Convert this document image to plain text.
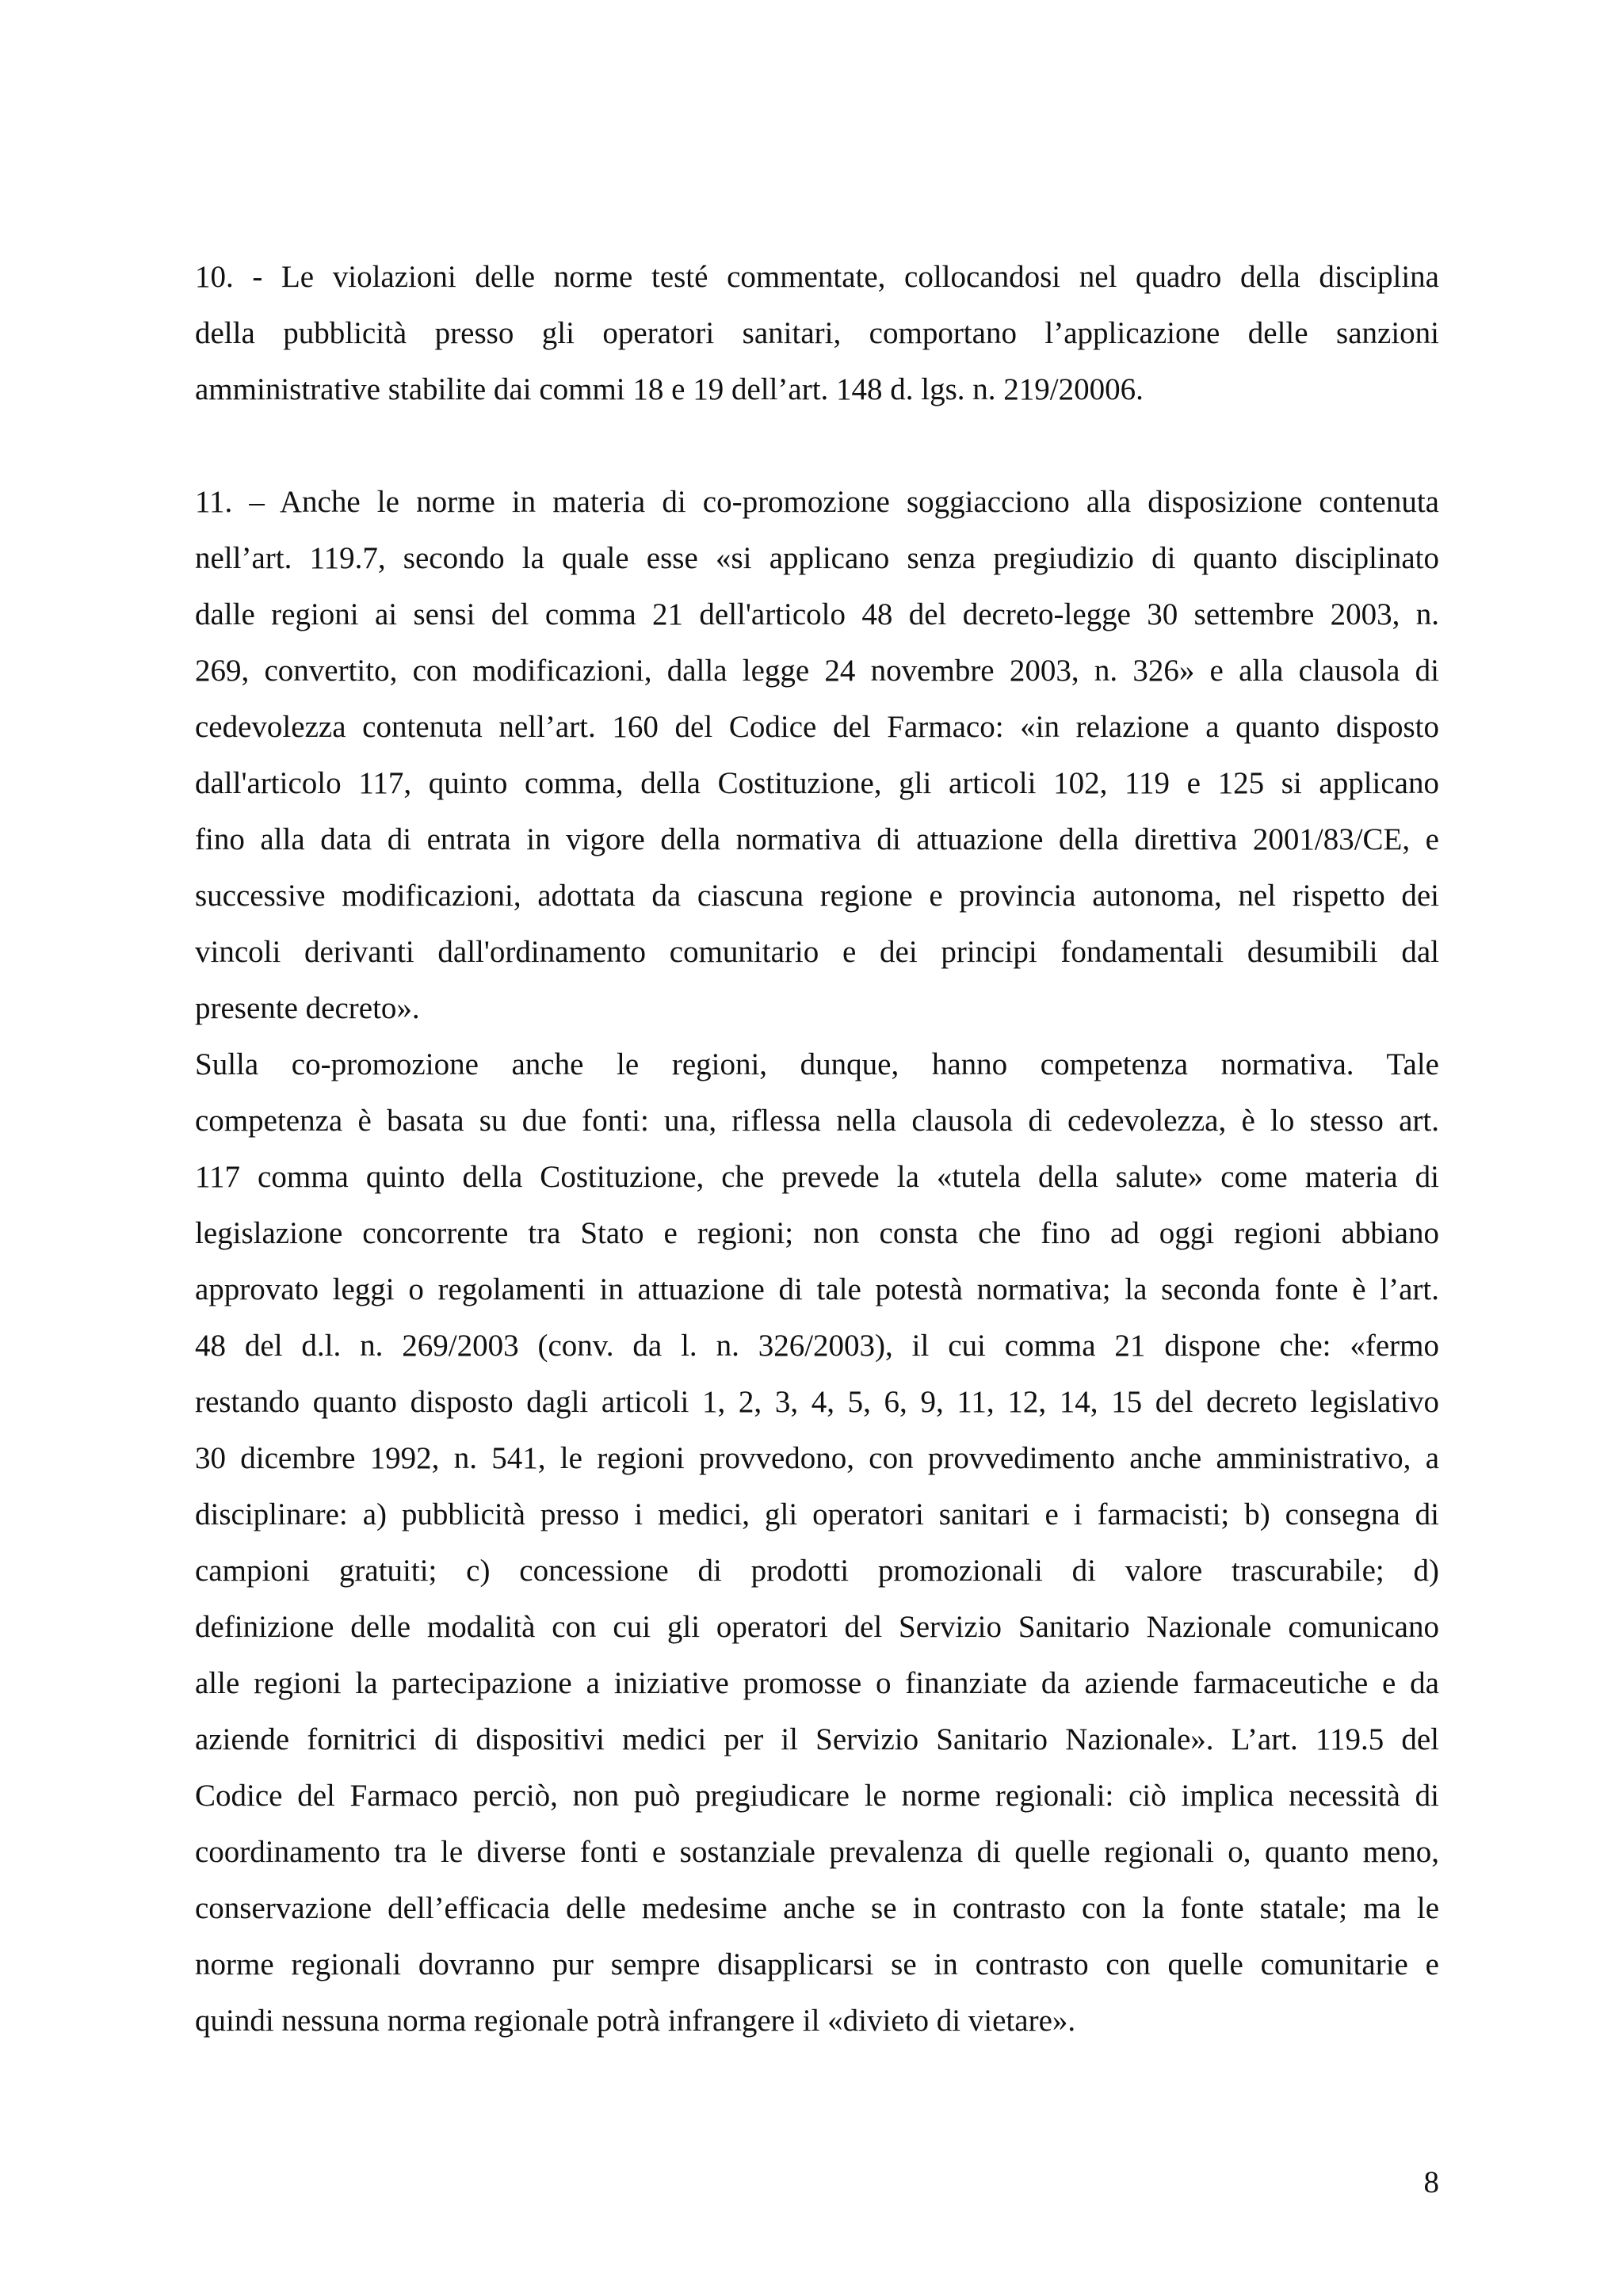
10. - Le violazioni delle norme testé commentate, collocandosi nel quadro della disciplina
della pubblicità presso gli operatori sanitari, comportano l’applicazione delle sanzioni
amministrative stabilite dai commi 18 e 19 dell’art. 148 d. lgs. n. 219/20006.
11. – Anche le norme in materia di co-promozione soggiacciono alla disposizione contenuta
nell’art. 119.7, secondo la quale esse «si applicano senza pregiudizio di quanto disciplinato
dalle regioni ai sensi del comma 21 dell'articolo 48 del decreto-legge 30 settembre 2003, n.
269, convertito, con modificazioni, dalla legge 24 novembre 2003, n. 326» e alla clausola di
cedevolezza contenuta nell’art. 160 del Codice del Farmaco: «in relazione a quanto disposto
dall'articolo 117, quinto comma, della Costituzione, gli articoli 102, 119 e 125 si applicano
fino alla data di entrata in vigore della normativa di attuazione della direttiva 2001/83/CE, e
successive modificazioni, adottata da ciascuna regione e provincia autonoma, nel rispetto dei
vincoli derivanti dall'ordinamento comunitario e dei principi fondamentali desumibili dal
presente decreto».
Sulla co-promozione anche le regioni, dunque, hanno competenza normativa. Tale
competenza è basata su due fonti: una, riflessa nella clausola di cedevolezza, è lo stesso art.
117 comma quinto della Costituzione, che prevede la «tutela della salute» come materia di
legislazione concorrente tra Stato e regioni; non consta che fino ad oggi regioni abbiano
approvato leggi o regolamenti in attuazione di tale potestà normativa; la seconda fonte è l’art.
48 del d.l. n. 269/2003 (conv. da l. n. 326/2003), il cui comma 21 dispone che: «fermo
restando quanto disposto dagli articoli 1, 2, 3, 4, 5, 6, 9, 11, 12, 14, 15 del decreto legislativo
30 dicembre 1992, n. 541, le regioni provvedono, con provvedimento anche amministrativo, a
disciplinare: a) pubblicità presso i medici, gli operatori sanitari e i farmacisti; b) consegna di
campioni gratuiti; c) concessione di prodotti promozionali di valore trascurabile; d)
definizione delle modalità con cui gli operatori del Servizio Sanitario Nazionale comunicano
alle regioni la partecipazione a iniziative promosse o finanziate da aziende farmaceutiche e da
aziende fornitrici di dispositivi medici per il Servizio Sanitario Nazionale». L’art. 119.5 del
Codice del Farmaco perciò, non può pregiudicare le norme regionali: ciò implica necessità di
coordinamento tra le diverse fonti e sostanziale prevalenza di quelle regionali o, quanto meno,
conservazione dell’efficacia delle medesime anche se in contrasto con la fonte statale; ma le
norme regionali dovranno pur sempre disapplicarsi se in contrasto con quelle comunitarie e
quindi nessuna norma regionale potrà infrangere il «divieto di vietare».
8
